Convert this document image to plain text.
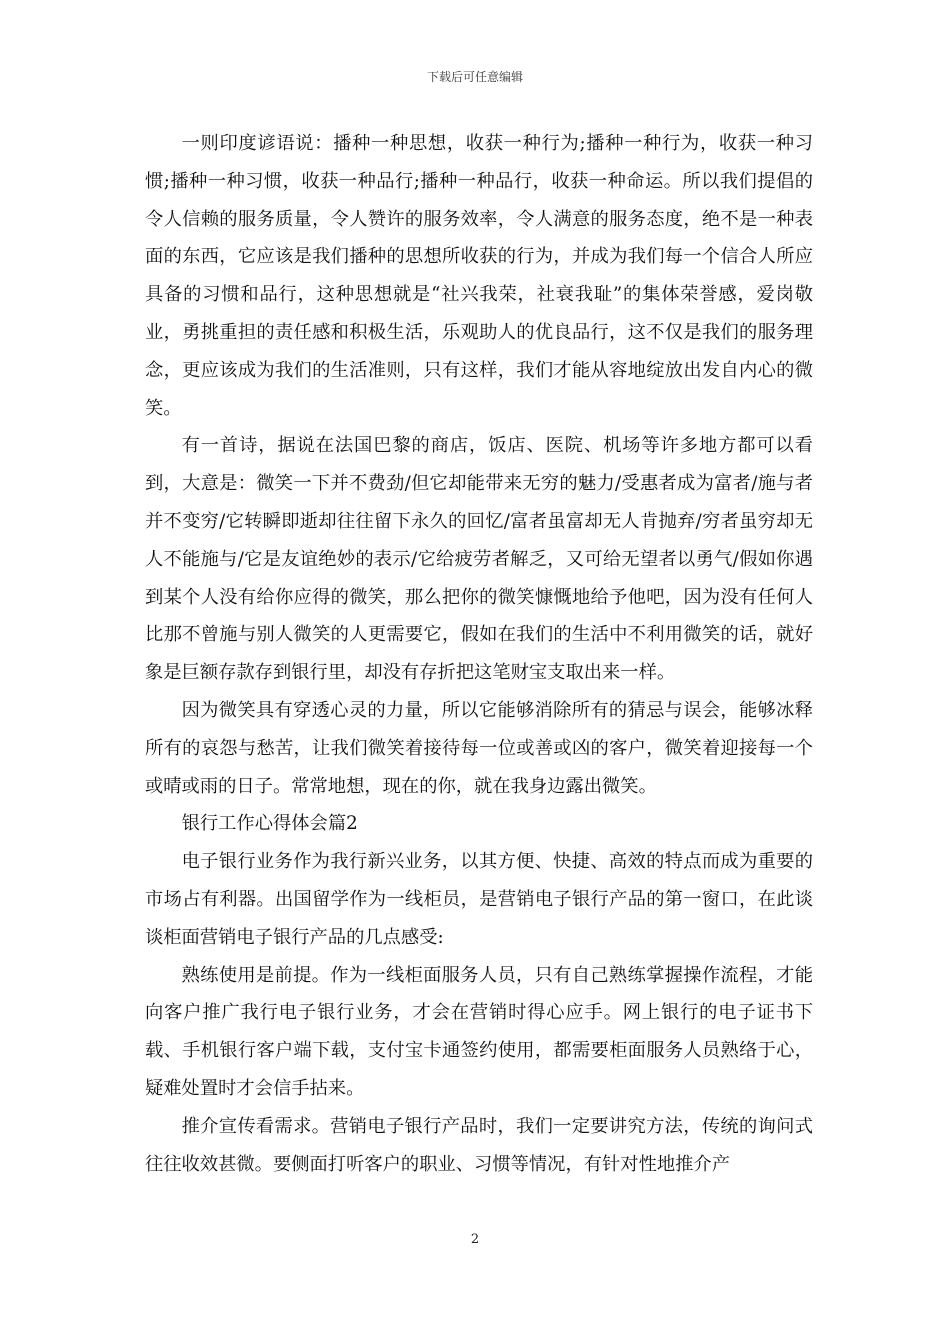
下载后可任意编辑

一则印度谚语说：播种一种思想，收获一种行为;播种一种行为，收获一种习惯;播种一种习惯，收获一种品行;播种一种品行，收获一种命运。所以我们提倡的令人信赖的服务质量，令人赞许的服务效率，令人满意的服务态度，绝不是一种表面的东西，它应该是我们播种的思想所收获的行为，并成为我们每一个信合人所应具备的习惯和品行，这种思想就是“社兴我荣，社衰我耻”的集体荣誉感，爱岗敬业，勇挑重担的责任感和积极生活，乐观助人的优良品行，这不仅是我们的服务理念，更应该成为我们的生活准则，只有这样，我们才能从容地绽放出发自内心的微笑。

有一首诗，据说在法国巴黎的商店，饭店、医院、机场等许多地方都可以看到，大意是：微笑一下并不费劲/但它却能带来无穷的魅力/受惠者成为富者/施与者并不变穷/它转瞬即逝却往往留下永久的回忆/富者虽富却无人肯抛弃/穷者虽穷却无人不能施与/它是友谊绝妙的表示/它给疲劳者解乏，又可给无望者以勇气/假如你遇到某个人没有给你应得的微笑，那么把你的微笑慷慨地给予他吧，因为没有任何人比那不曾施与别人微笑的人更需要它，假如在我们的生活中不利用微笑的话，就好象是巨额存款存到银行里，却没有存折把这笔财宝支取出来一样。

因为微笑具有穿透心灵的力量，所以它能够消除所有的猜忌与误会，能够冰释所有的哀怨与愁苦，让我们微笑着接待每一位或善或凶的客户，微笑着迎接每一个或晴或雨的日子。常常地想，现在的你，就在我身边露出微笑。

银行工作心得体会篇2

电子银行业务作为我行新兴业务，以其方便、快捷、高效的特点而成为重要的市场占有利器。出国留学作为一线柜员，是营销电子银行产品的第一窗口，在此谈谈柜面营销电子银行产品的几点感受:

熟练使用是前提。作为一线柜面服务人员，只有自己熟练掌握操作流程，才能向客户推广我行电子银行业务，才会在营销时得心应手。网上银行的电子证书下载、手机银行客户端下载，支付宝卡通签约使用，都需要柜面服务人员熟络于心，疑难处置时才会信手拈来。

推介宣传看需求。营销电子银行产品时，我们一定要讲究方法，传统的询问式往往收效甚微。要侧面打听客户的职业、习惯等情况，有针对性地推介产

2
